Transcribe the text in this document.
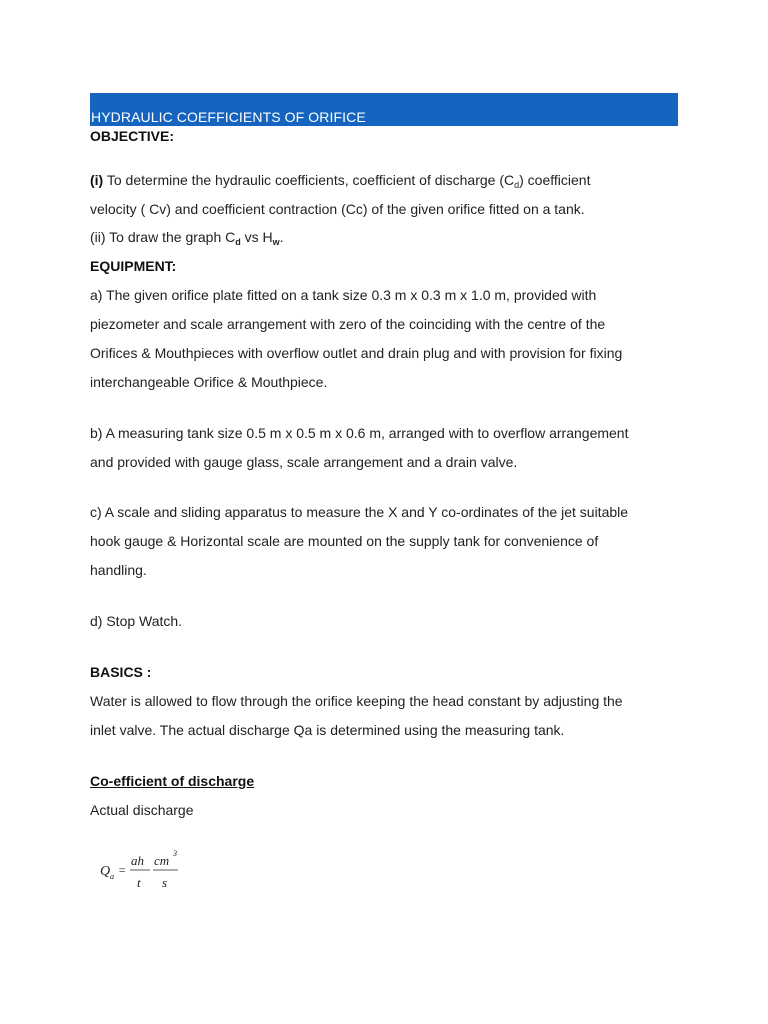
HYDRAULIC COEFFICIENTS OF ORIFICE
OBJECTIVE:
(i) To determine the hydraulic coefficients, coefficient of discharge $(C_d)$ coefficient
velocity ( Cv) and coefficient contraction (Cc) of the given orifice fitted on a tank.
(ii) To draw the graph $C_d$ vs $H_w$.
EQUIPMENT:
a) The given orifice plate fitted on a tank size 0.3 m x 0.3 m x 1.0 m, provided with
piezometer and scale arrangement with zero of the coinciding with the centre of the
Orifices & Mouthpieces with overflow outlet and drain plug and with provision for fixing
interchangeable Orifice & Mouthpiece.
b) A measuring tank size 0.5 m x 0.5 m x 0.6 m, arranged with to overflow arrangement
and provided with gauge glass, scale arrangement and a drain valve.
c) A scale and sliding apparatus to measure the X and Y co-ordinates of the jet suitable
hook gauge & Horizontal scale are mounted on the supply tank for convenience of
handling.
d) Stop Watch.
BASICS :
Water is allowed to flow through the orifice keeping the head constant by adjusting the
inlet valve. The actual discharge Qa is determined using the measuring tank.
Co-efficient of discharge
Actual discharge
Q a =
ah
t
cm 3
s
